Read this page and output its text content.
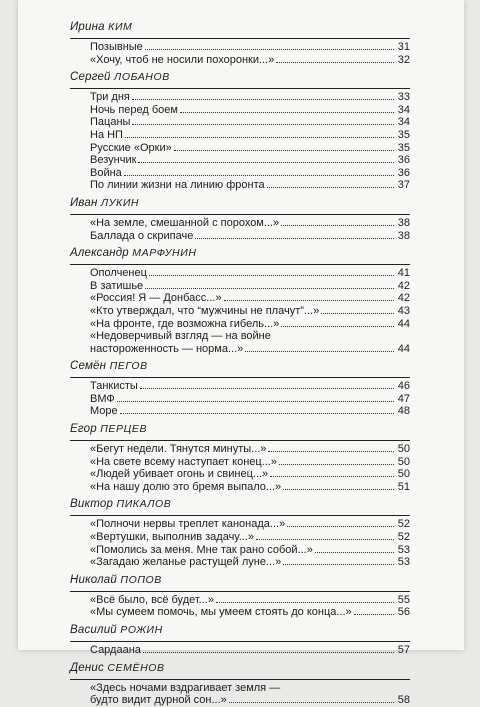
Ирина КИМ
Позывные	31
«Хочу, чтоб не носили похоронки...»	32
Сергей ЛОБАНОВ
Три дня	33
Ночь перед боем	34
Пацаны	34
На НП	35
Русские «Орки»	35
Везунчик	36
Война	36
По линии жизни на линию фронта	37
Иван ЛУКИН
«На земле, смешанной с порохом...»	38
Баллада о скрипаче	38
Александр МАРФУНИН
Ополченец	41
В затишье	42
«Россия! Я — Донбасс...»	42
«Кто утверждал, что “мужчины не плачут”...»	43
«На фронте, где возможна гибель...»	44
«Недоверчивый взгляд — на войне
настороженность — норма...»	44
Семён ПЕГОВ
Танкисты	46
ВМФ	47
Море	48
Егор ПЕРЦЕВ
«Бегут недели. Тянутся минуты...»	50
«На свете всему наступает конец...»	50
«Людей убивает огонь и свинец...»	50
«На нашу долю это бремя выпало...»	51
Виктор ПИКАЛОВ
«Полночи нервы треплет канонада...»	52
«Вертушки, выполнив задачу...»	52
«Помолись за меня. Мне так рано собой...»	53
«Загадаю желанье растущей луне...»	53
Николай ПОПОВ
«Всё было, всё будет...»	55
«Мы сумеем помочь, мы умеем стоять до конца...»	56
Василий РОЖИН
Сардаана	57
Денис СЕМЁНОВ
«Здесь ночами вздрагивает земля —
будто видит дурной сон...»	58
